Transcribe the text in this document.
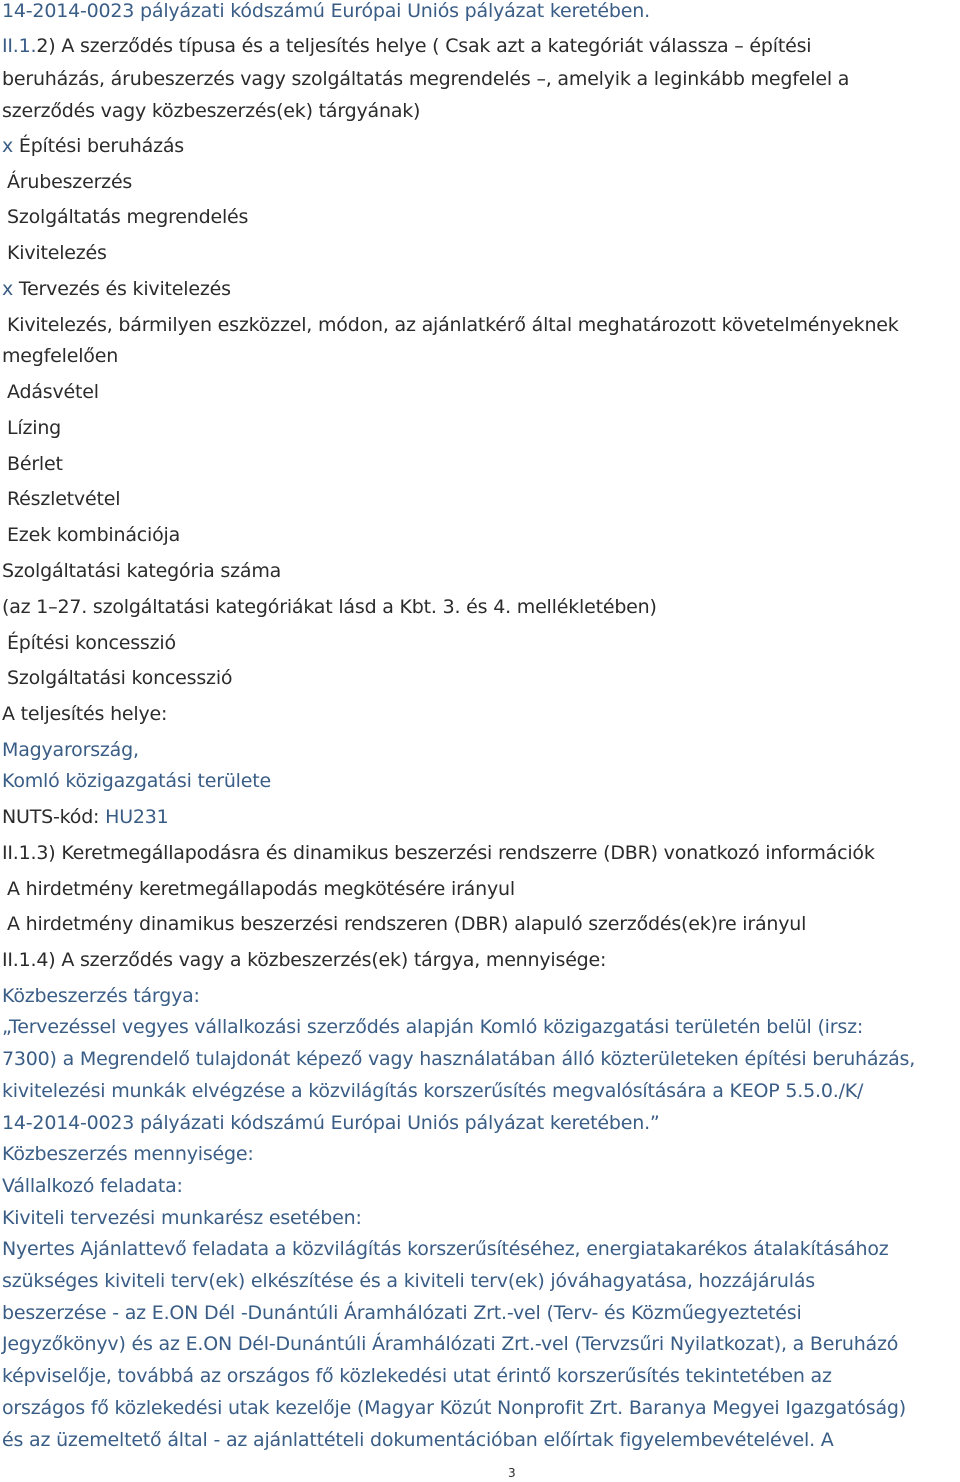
14-2014-0023 pályázati kódszámú Európai Uniós pályázat keretében.
II.1.2) A szerződés típusa és a teljesítés helye ( Csak azt a kategóriát válassza – építési
beruházás, árubeszerzés vagy szolgáltatás megrendelés –, amelyik a leginkább megfelel a
szerződés vagy közbeszerzés(ek) tárgyának)
x Építési beruházás
Árubeszerzés
Szolgáltatás megrendelés
Kivitelezés
x Tervezés és kivitelezés
Kivitelezés, bármilyen eszközzel, módon, az ajánlatkérő által meghatározott követelményeknek
megfelelően
Adásvétel
Lízing
Bérlet
Részletvétel
Ezek kombinációja
Szolgáltatási kategória száma
(az 1–27. szolgáltatási kategóriákat lásd a Kbt. 3. és 4. mellékletében)
Építési koncesszió
Szolgáltatási koncesszió
A teljesítés helye:
Magyarország,
Komló közigazgatási területe
NUTS-kód: HU231
II.1.3) Keretmegállapodásra és dinamikus beszerzési rendszerre (DBR) vonatkozó információk
A hirdetmény keretmegállapodás megkötésére irányul
A hirdetmény dinamikus beszerzési rendszeren (DBR) alapuló szerződés(ek)re irányul
II.1.4) A szerződés vagy a közbeszerzés(ek) tárgya, mennyisége:
Közbeszerzés tárgya:
„Tervezéssel vegyes vállalkozási szerződés alapján Komló közigazgatási területén belül (irsz:
7300) a Megrendelő tulajdonát képező vagy használatában álló közterületeken építési beruházás,
kivitelezési munkák elvégzése a közvilágítás korszerűsítés megvalósítására a KEOP 5.5.0./K/
14-2014-0023 pályázati kódszámú Európai Uniós pályázat keretében.”
Közbeszerzés mennyisége:
Vállalkozó feladata:
Kiviteli tervezési munkarész esetében:
Nyertes Ajánlattevő feladata a közvilágítás korszerűsítéséhez, energiatakarékos átalakításához
szükséges kiviteli terv(ek) elkészítése és a kiviteli terv(ek) jóváhagyatása, hozzájárulás
beszerzése - az E.ON Dél -Dunántúli Áramhálózati Zrt.-vel (Terv- és Közműegyeztetési
Jegyzőkönyv) és az E.ON Dél-Dunántúli Áramhálózati Zrt.-vel (Tervzsűri Nyilatkozat), a Beruházó
képviselője, továbbá az országos fő közlekedési utat érintő korszerűsítés tekintetében az
országos fő közlekedési utak kezelője (Magyar Közút Nonprofit Zrt. Baranya Megyei Igazgatóság)
és az üzemeltető által - az ajánlattételi dokumentációban előírtak figyelembevételével. A
3
